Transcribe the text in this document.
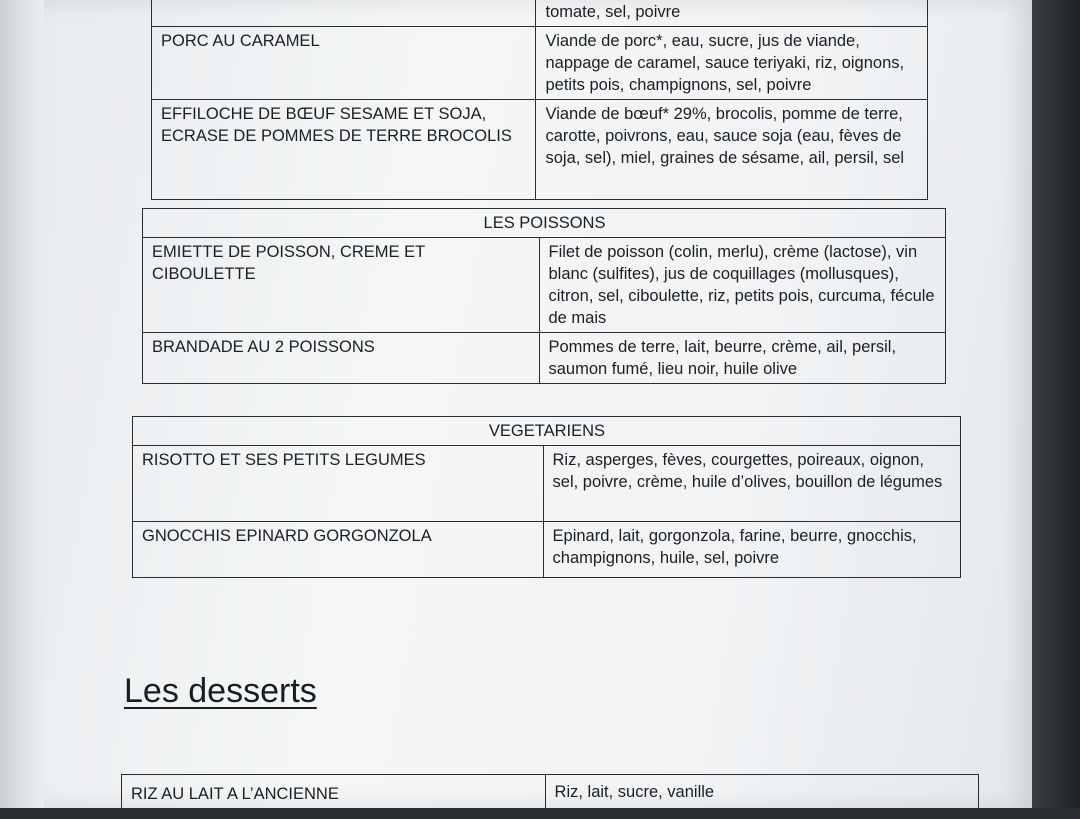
	tomate, sel, poivre
PORC AU CARAMEL	Viande de porc*, eau, sucre, jus de viande, nappage de caramel, sauce teriyaki, riz, oignons, petits pois, champignons, sel, poivre
EFFILOCHE DE BŒUF SESAME ET SOJA, ECRASE DE POMMES DE TERRE BROCOLIS	Viande de bœuf* 29%, brocolis, pomme de terre, carotte, poivrons, eau, sauce soja (eau, fèves de soja, sel), miel, graines de sésame, ail, persil, sel
LES POISSONS	
EMIETTE DE POISSON, CREME ET CIBOULETTE	Filet de poisson (colin, merlu), crème (lactose), vin blanc (sulfites), jus de coquillages (mollusques), citron, sel, ciboulette, riz, petits pois, curcuma, fécule de mais
BRANDADE AU 2 POISSONS	Pommes de terre, lait, beurre, crème, ail, persil, saumon fumé, lieu noir, huile olive
VEGETARIENS	
RISOTTO ET SES PETITS LEGUMES	Riz, asperges, fèves, courgettes, poireaux, oignon, sel, poivre, crème, huile d’olives, bouillon de légumes
GNOCCHIS EPINARD GORGONZOLA	Epinard, lait, gorgonzola, farine, beurre, gnocchis, champignons, huile, sel, poivre
Les desserts
RIZ AU LAIT A L’ANCIENNE	Riz, lait, sucre, vanille
